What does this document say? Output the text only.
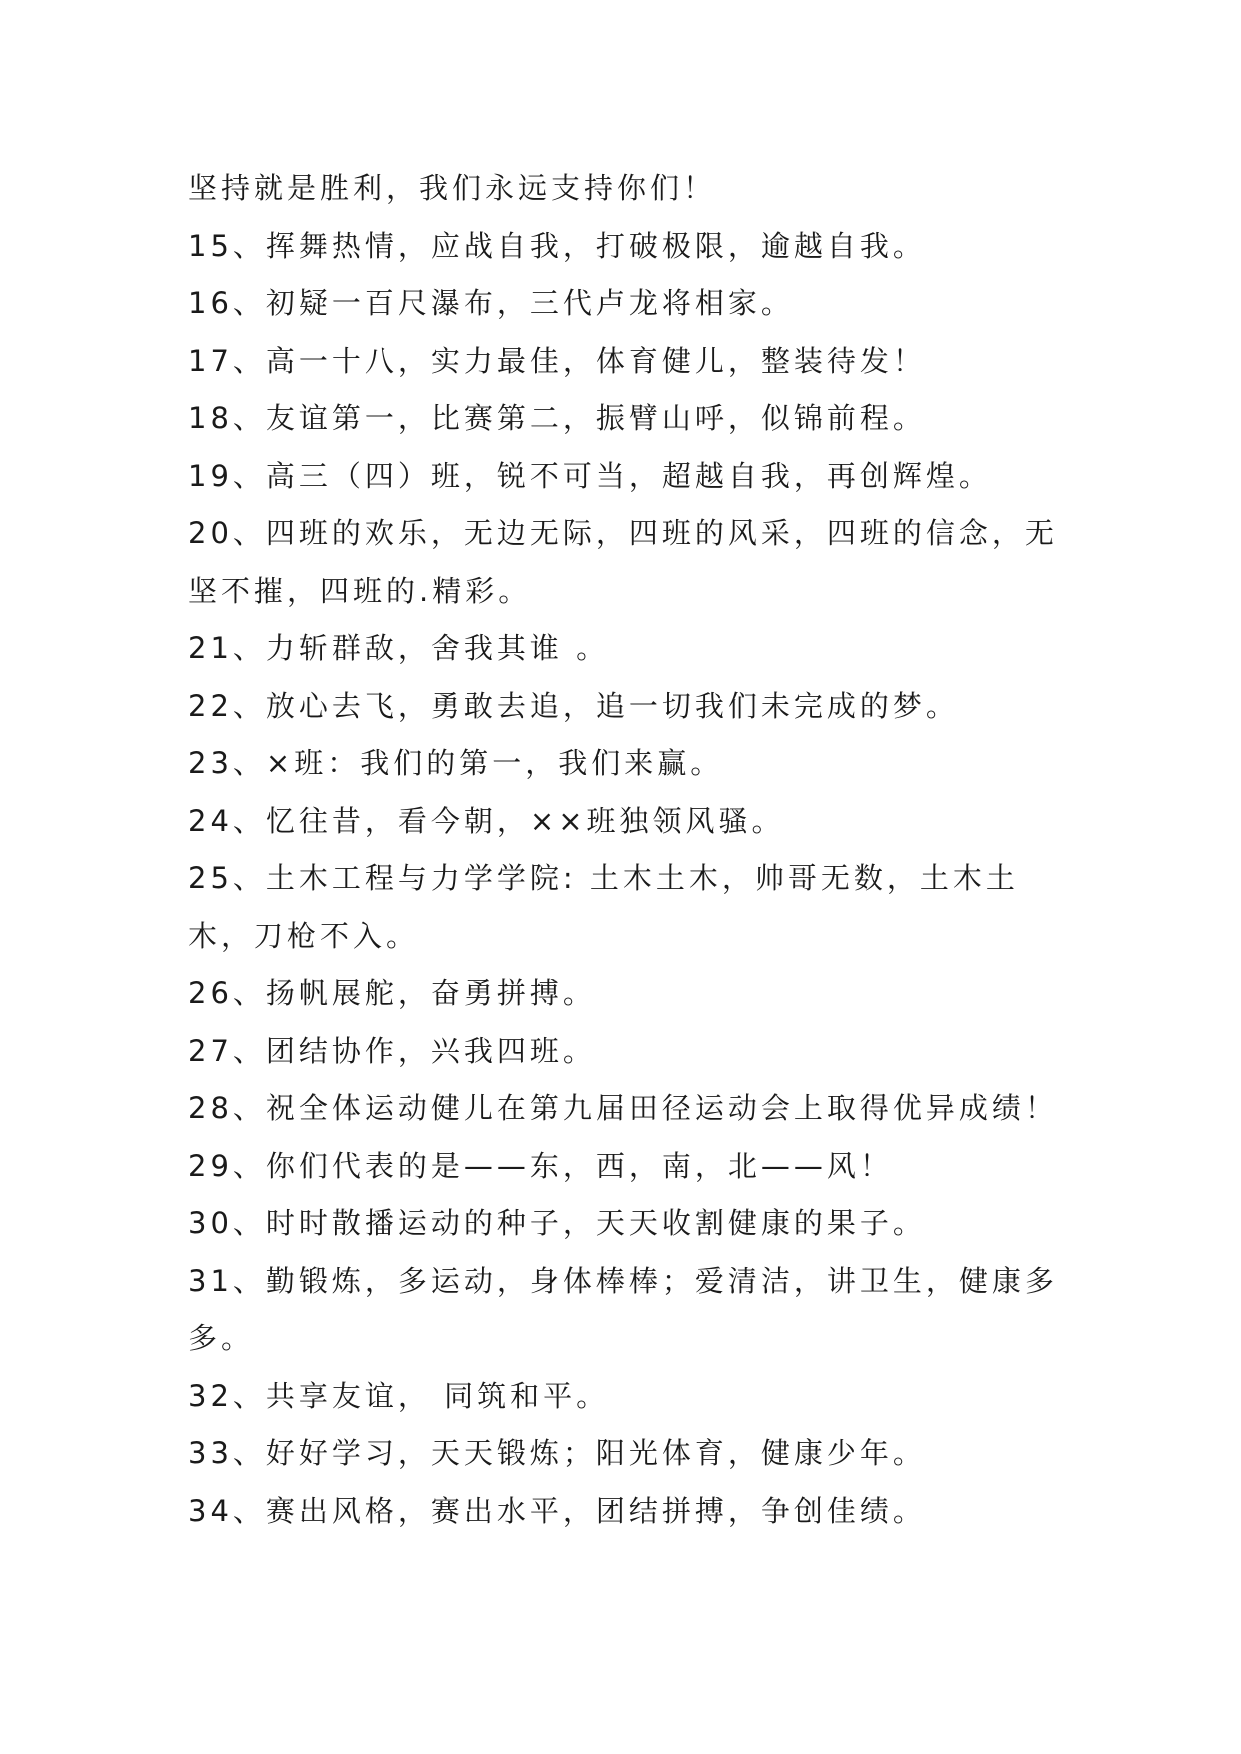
坚持就是胜利，我们永远支持你们！

15、挥舞热情，应战自我，打破极限，逾越自我。

16、初疑一百尺瀑布，三代卢龙将相家。

17、高一十八，实力最佳，体育健儿，整装待发！

18、友谊第一，比赛第二，振臂山呼，似锦前程。

19、高三（四）班，锐不可当，超越自我，再创辉煌。

20、四班的欢乐，无边无际，四班的风采，四班的信念，无坚不摧，四班的.精彩。

21、力斩群敌，舍我其谁 。

22、放心去飞，勇敢去追，追一切我们未完成的梦。

23、×班：我们的第一，我们来赢。

24、忆往昔，看今朝，××班独领风骚。

25、土木工程与力学学院: 土木土木，帅哥无数，土木土木，刀枪不入。

26、扬帆展舵，奋勇拼搏。

27、团结协作，兴我四班。

28、祝全体运动健儿在第九届田径运动会上取得优异成绩！

29、你们代表的是——东，西，南，北——风！

30、时时散播运动的种子，天天收割健康的果子。

31、勤锻炼，多运动，身体棒棒；爱清洁，讲卫生，健康多多。

32、共享友谊， 同筑和平。

33、好好学习，天天锻炼；阳光体育，健康少年。

34、赛出风格，赛出水平，团结拼搏，争创佳绩。
